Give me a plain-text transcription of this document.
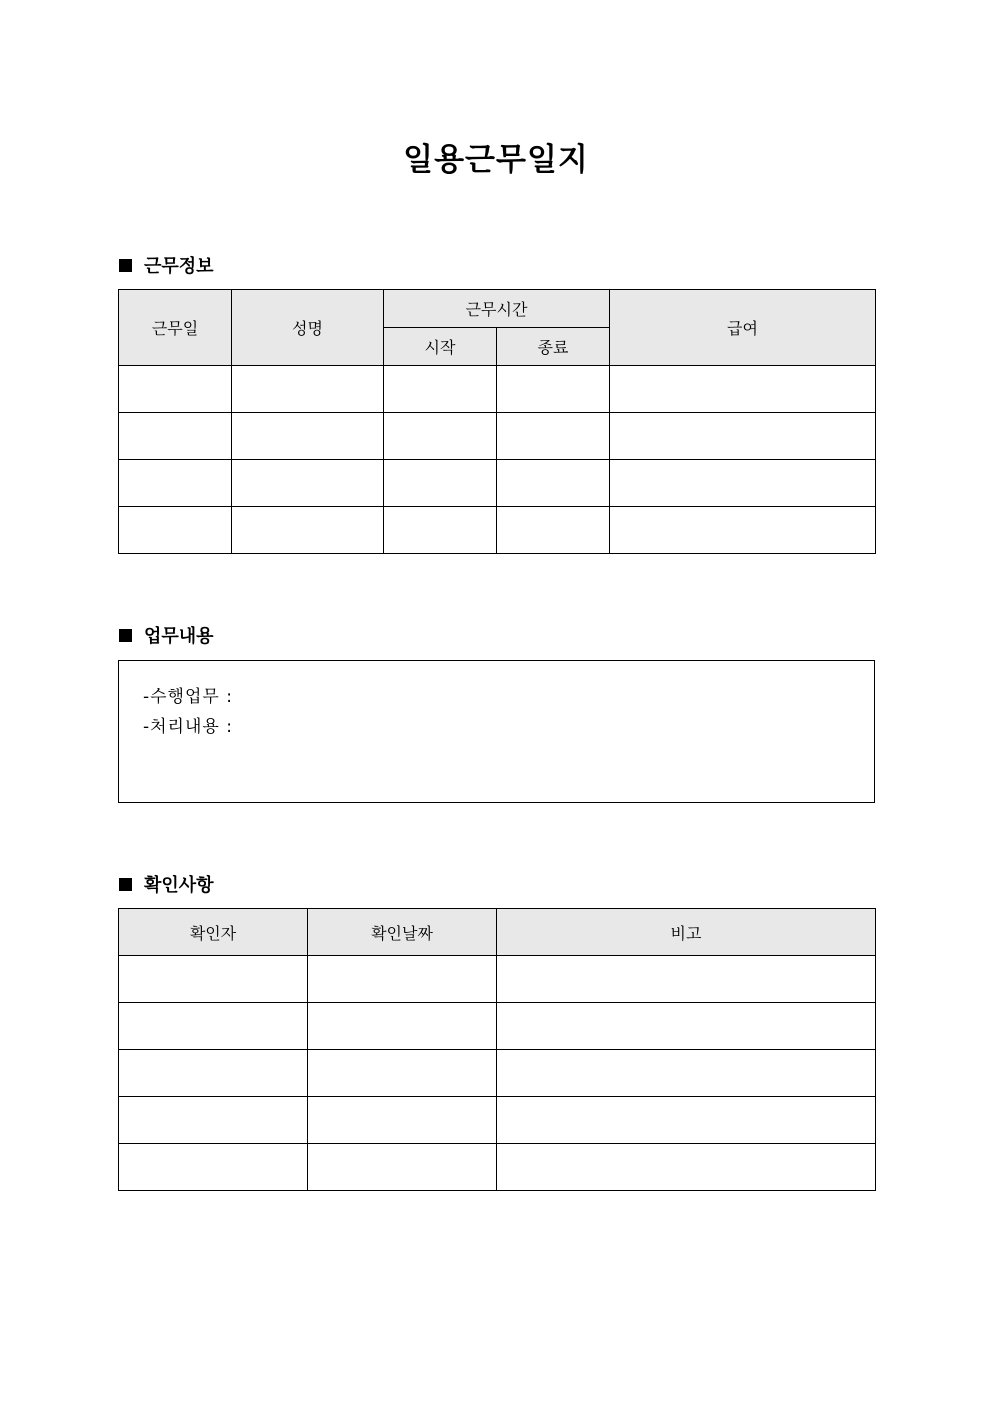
일용근무일지
근무정보
근무일	성명	근무시간		급여
		시작	종료	

업무내용
-수행업무 :
-처리내용 :
확인사항
확인자	확인날짜	비고
